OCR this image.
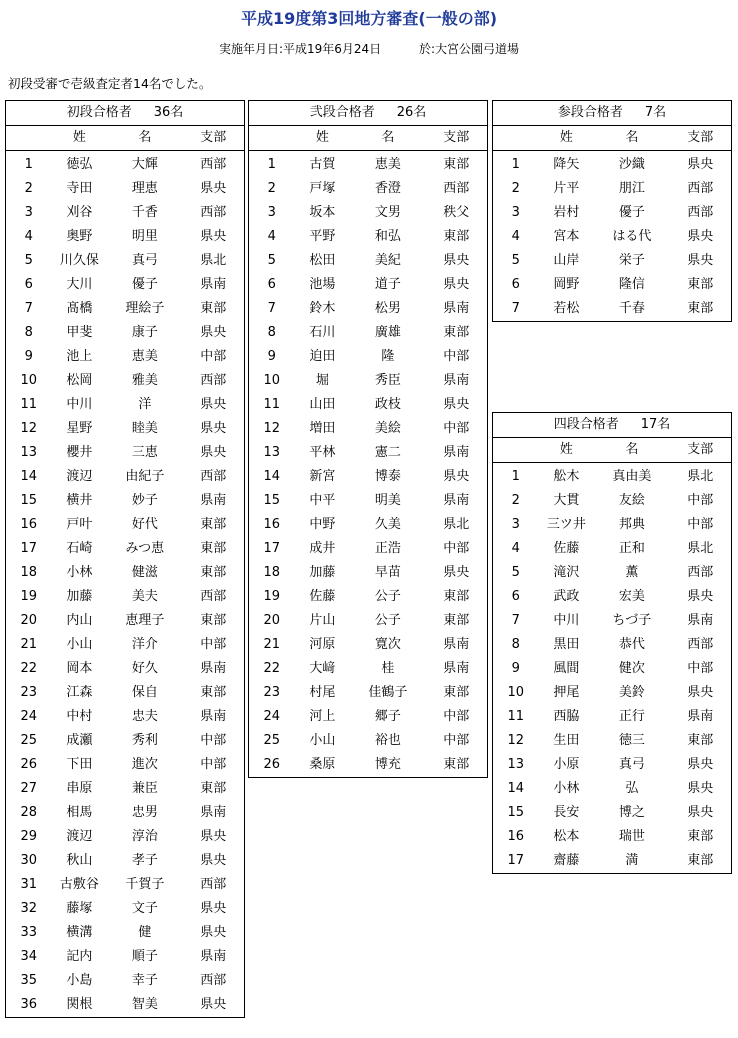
平成19度第3回地方審査(一般の部)
実施年月日:平成19年6月24日	於:大宮公園弓道場
初段受審で壱級査定者14名でした。
初段合格者 36名
姓	名	支部
1	徳弘	大輝	西部
2	寺田	理恵	県央
3	刈谷	千香	西部
4	奥野	明里	県央
5	川久保	真弓	県北
6	大川	優子	県南
7	髙橋	理絵子	東部
8	甲斐	康子	県央
9	池上	恵美	中部
10	松岡	雅美	西部
11	中川	洋	県央
12	星野	睦美	県央
13	櫻井	三恵	県央
14	渡辺	由紀子	西部
15	横井	妙子	県南
16	戸叶	好代	東部
17	石崎	みつ恵	東部
18	小林	健滋	東部
19	加藤	美夫	西部
20	内山	恵理子	東部
21	小山	洋介	中部
22	岡本	好久	県南
23	江森	保自	東部
24	中村	忠夫	県南
25	成瀬	秀利	中部
26	下田	進次	中部
27	串原	兼臣	東部
28	相馬	忠男	県南
29	渡辺	淳治	県央
30	秋山	孝子	県央
31	古敷谷	千賀子	西部
32	藤塚	文子	県央
33	横溝	健	県央
34	記内	順子	県南
35	小島	幸子	西部
36	関根	智美	県央
弐段合格者 26名
姓	名	支部
1	古賀	恵美	東部
2	戸塚	香澄	西部
3	坂本	文男	秩父
4	平野	和弘	東部
5	松田	美紀	県央
6	池場	道子	県央
7	鈴木	松男	県南
8	石川	廣雄	東部
9	迫田	隆	中部
10	堀	秀臣	県南
11	山田	政枝	県央
12	増田	美絵	中部
13	平林	憲二	県南
14	新宮	博泰	県央
15	中平	明美	県南
16	中野	久美	県北
17	成井	正浩	中部
18	加藤	早苗	県央
19	佐藤	公子	東部
20	片山	公子	東部
21	河原	寛次	県南
22	大﨑	桂	県南
23	村尾	佳鶴子	東部
24	河上	郷子	中部
25	小山	裕也	中部
26	桑原	博充	東部
参段合格者 7名
姓	名	支部
1	降矢	沙織	県央
2	片平	朋江	西部
3	岩村	優子	西部
4	宮本	はる代	県央
5	山岸	栄子	県央
6	岡野	隆信	東部
7	若松	千春	東部
四段合格者 17名
姓	名	支部
1	舩木	真由美	県北
2	大貫	友絵	中部
3	三ツ井	邦典	中部
4	佐藤	正和	県北
5	滝沢	薫	西部
6	武政	宏美	県央
7	中川	ちづ子	県南
8	黒田	恭代	西部
9	風間	健次	中部
10	押尾	美鈴	県央
11	西脇	正行	県南
12	生田	徳三	東部
13	小原	真弓	県央
14	小林	弘	県央
15	長安	博之	県央
16	松本	瑞世	東部
17	齋藤	満	東部
